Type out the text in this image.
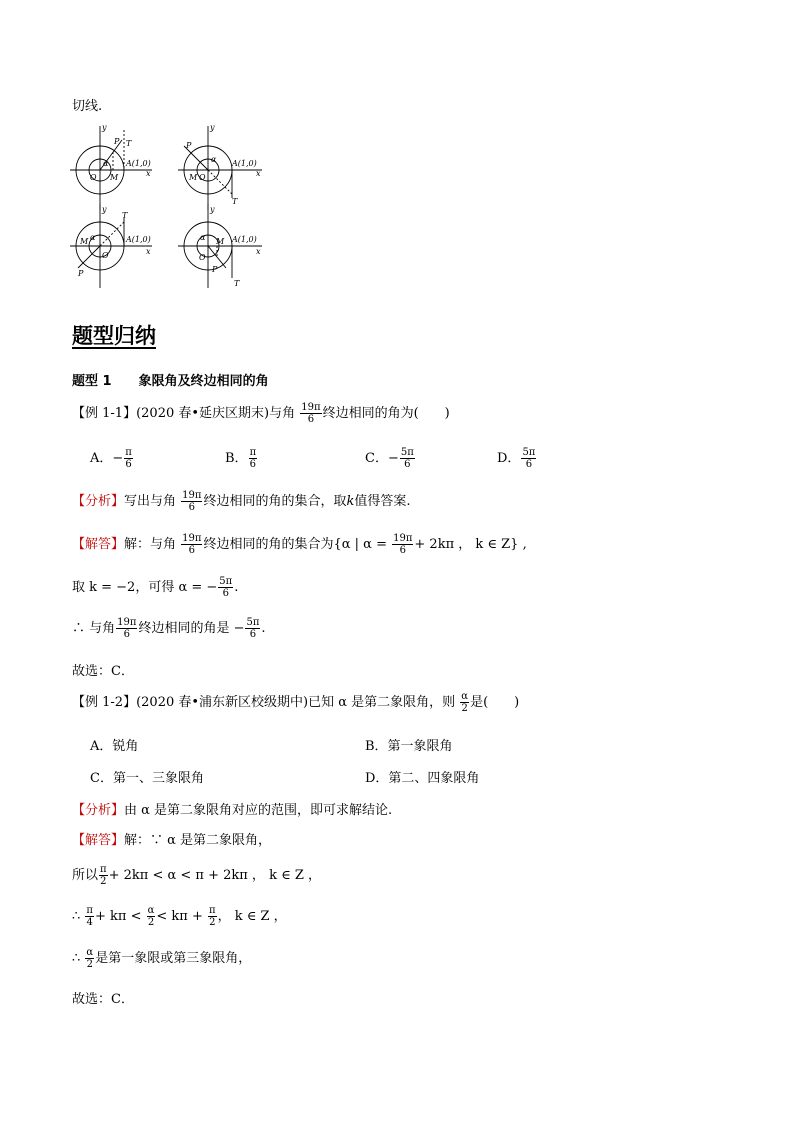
切线.
y
x
O M
P T
α A(1,0)
y
x
M O
P
T
α A(1,0)
y
x
M
O
P
T
α	A(1,0)
y
x
O
M
P
T
α	A(1,0)
题型归纳
题型 1 象限角及终边相同的角
【例 1-1】(2020 春•延庆区期末)与角 $\frac{19\pi}{6}$ 终边相同的角为(　　)
A．− $\frac{\pi}{6}$	B． $\frac{\pi}{6}$	C．− $\frac{5\pi}{6}$	D． $\frac{5\pi}{6}$
【分析】写出与角 $\frac{19\pi}{6}$ 终边相同的角的集合，取k值得答案.
【解答】解：与角 $\frac{19\pi}{6}$ 终边相同的角的集合为{α | $\alpha = \frac{19\pi}{6} + 2k\pi$ ， k ∈ Z} ,
取 k = −2，可得 α = − $\frac{5\pi}{6}$ .
∴ 与角 $\frac{19\pi}{6}$ 终边相同的角是 − $\frac{5\pi}{6}$ .
故选：C．
【例 1-2】(2020 春•浦东新区校级期中)已知 α 是第二象限角，则 $\frac{\alpha}{2}$ 是(　　)
A．锐角	B．第一象限角
C．第一、三象限角	D．第二、四象限角
【分析】由 α 是第二象限角对应的范围，即可求解结论.
【解答】解：∵ α 是第二象限角，
所以 $\frac{\pi}{2} + 2k\pi < \alpha < \pi + 2k\pi$ ， k ∈ Z ，
∴ $\frac{\pi}{4} + k\pi < \frac{\alpha}{2} < k\pi + \frac{\pi}{2}$ ， k ∈ Z ，
∴ $\frac{\alpha}{2}$ 是第一象限或第三象限角，
故选：C．
